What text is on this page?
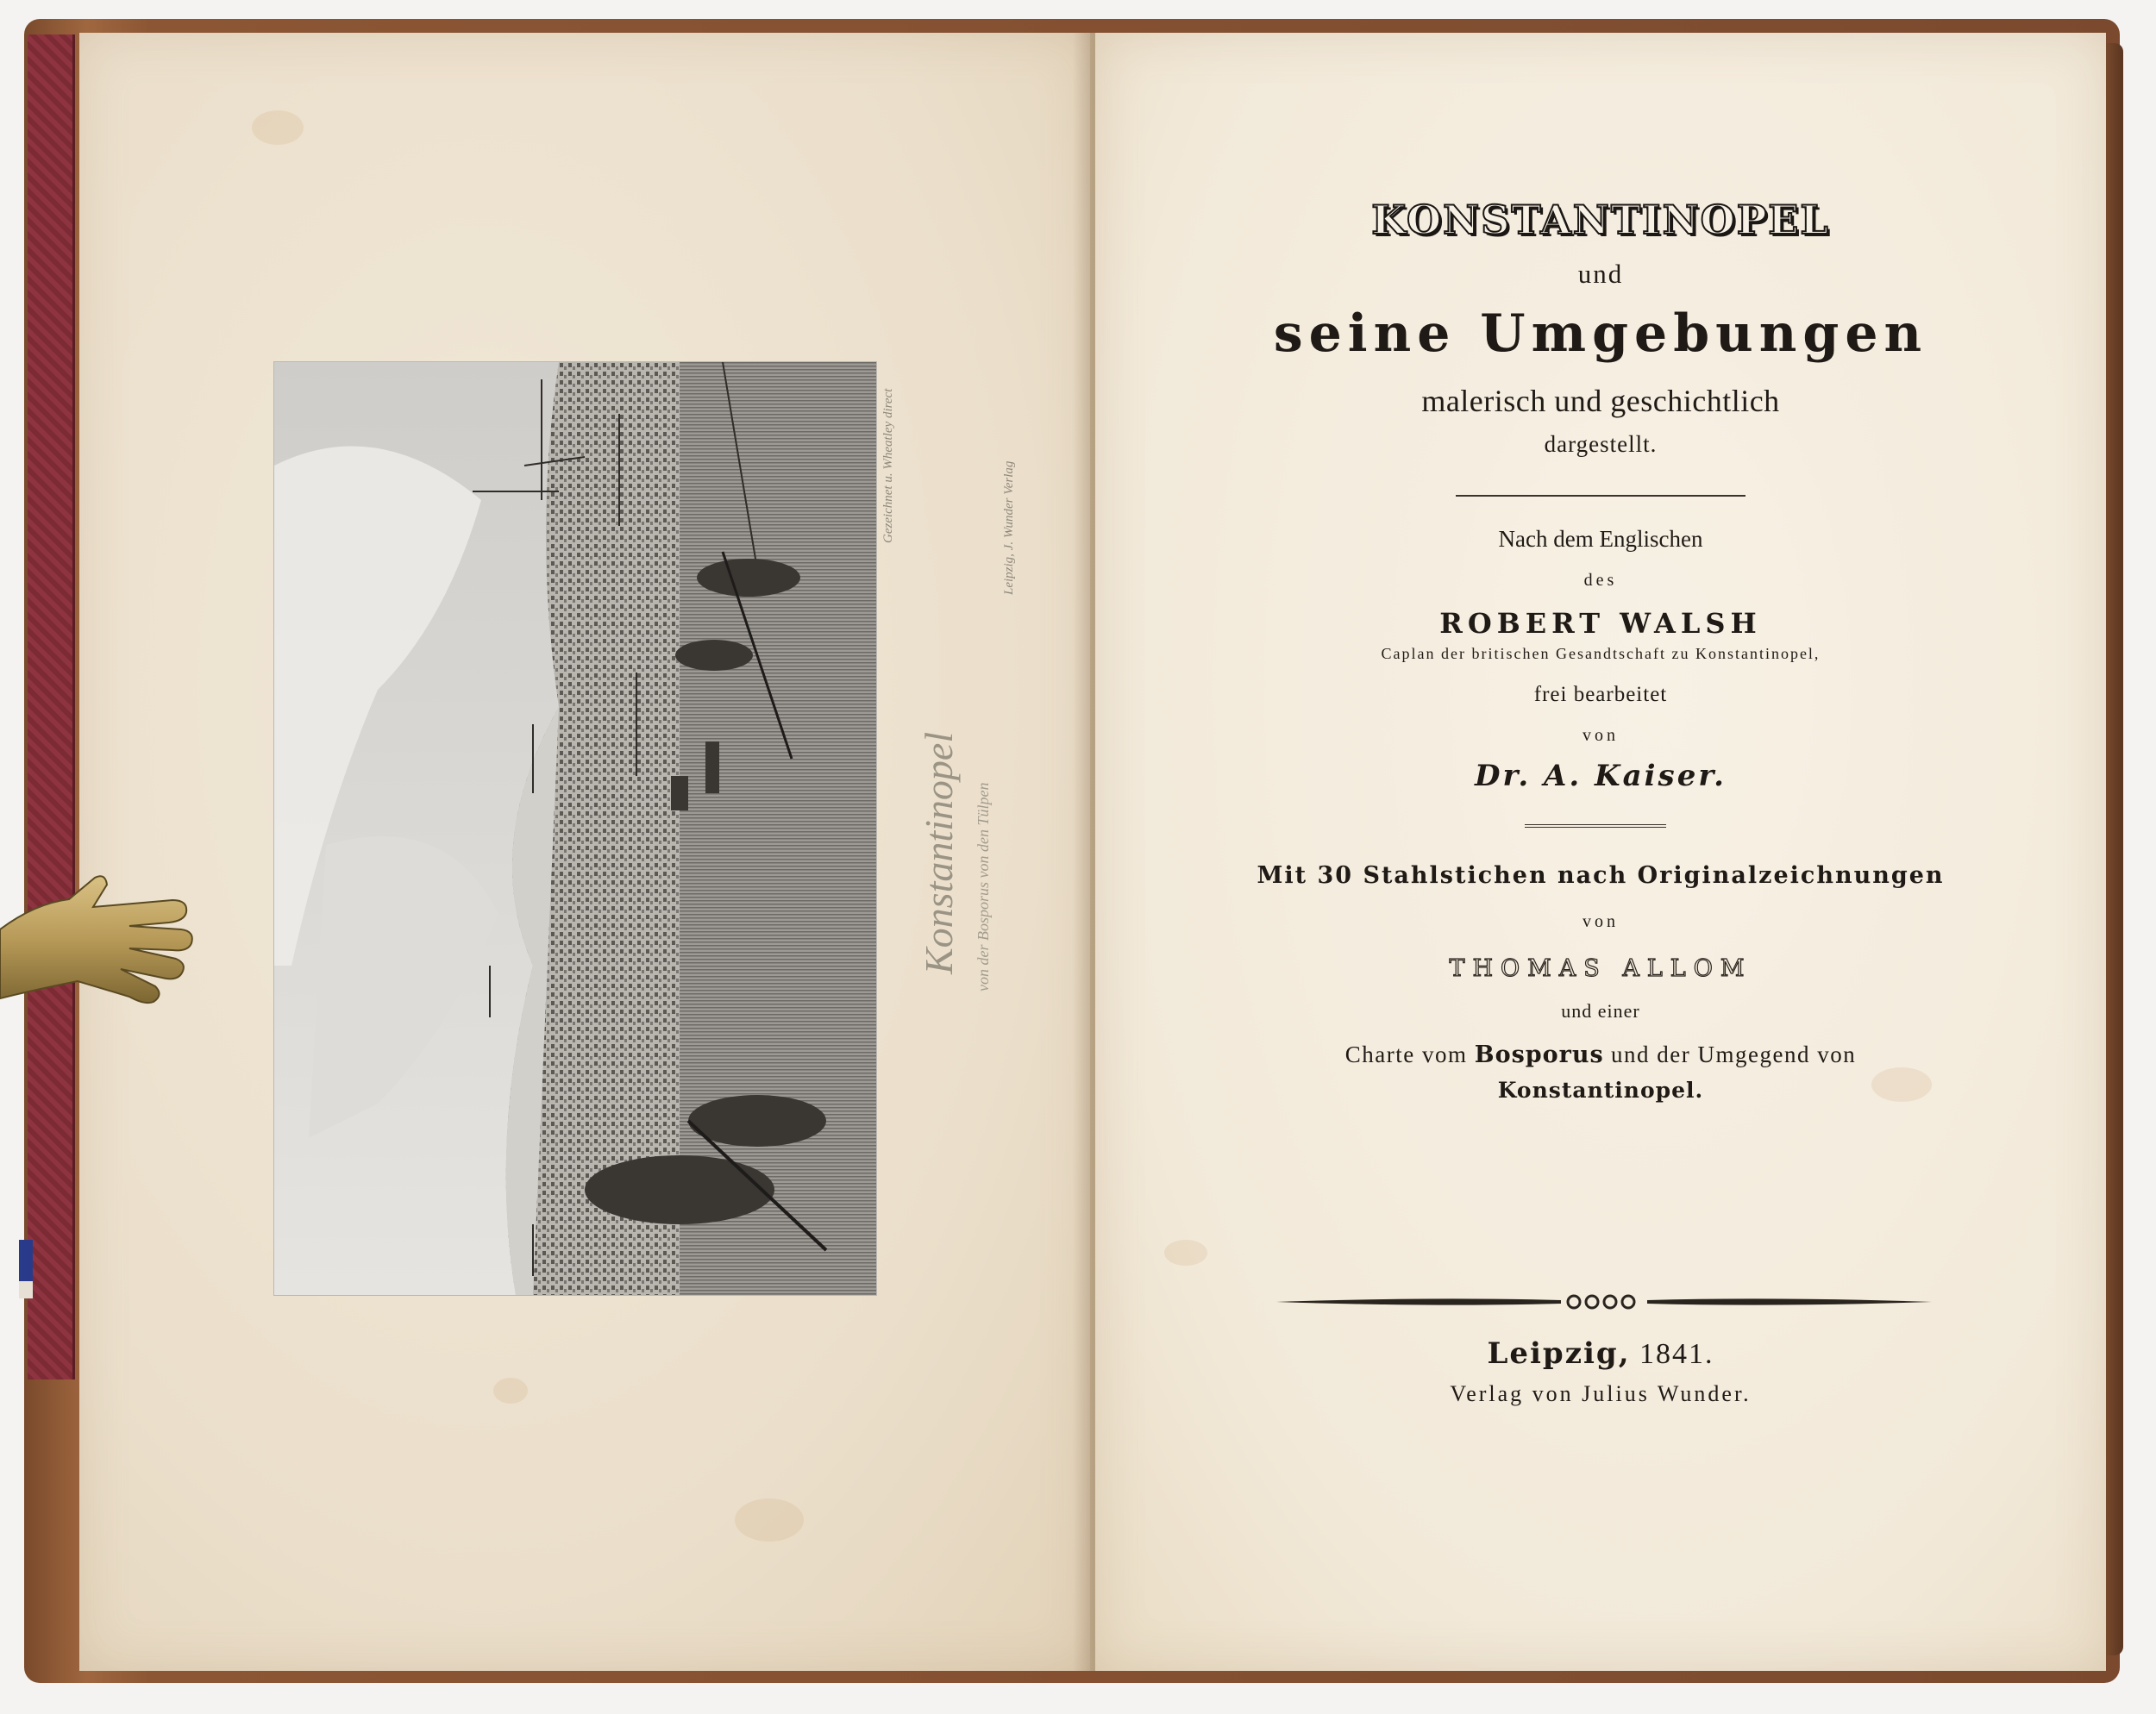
Gezeichnet u. Wheatley direct	Leipzig, J. Wunder Verlag
Konstantinopel von der Bosporus von den Tülpen
KONSTANTINOPEL
und
seine Umgebungen
malerisch und geschichtlich
dargestellt.
Nach dem Englischen
des
ROBERT WALSH
Caplan der britischen Gesandtschaft zu Konstantinopel,
frei bearbeitet
von
Dr. A. Kaiser.
Mit 30 Stahlstichen nach Originalzeichnungen
von
THOMAS ALLOM
und einer
Charte vom Bosporus und der Umgegend von
Konstantinopel.
Leipzig, 1841.
Verlag von Julius Wunder.
